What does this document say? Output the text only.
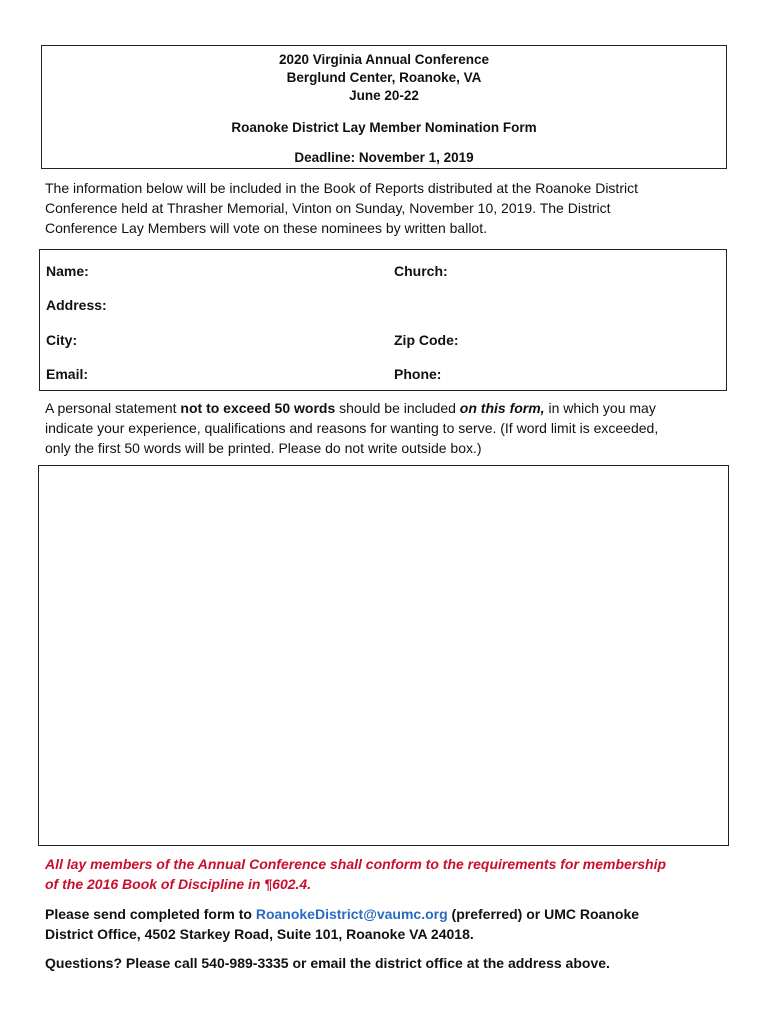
2020 Virginia Annual Conference
Berglund Center, Roanoke, VA
June 20-22
Roanoke District Lay Member Nomination Form
Deadline: November 1, 2019
The information below will be included in the Book of Reports distributed at the Roanoke District
Conference held at Thrasher Memorial, Vinton on Sunday, November 10, 2019. The District
Conference Lay Members will vote on these nominees by written ballot.
Name:	Church:
Address:
City:	Zip Code:
Email:	Phone:
A personal statement not to exceed 50 words should be included on this form, in which you may
indicate your experience, qualifications and reasons for wanting to serve. (If word limit is exceeded,
only the first 50 words will be printed. Please do not write outside box.)
All lay members of the Annual Conference shall conform to the requirements for membership
of the 2016 Book of Discipline in ¶602.4.
Please send completed form to RoanokeDistrict@vaumc.org (preferred) or UMC Roanoke
District Office, 4502 Starkey Road, Suite 101, Roanoke VA 24018.
Questions? Please call 540-989-3335 or email the district office at the address above.
